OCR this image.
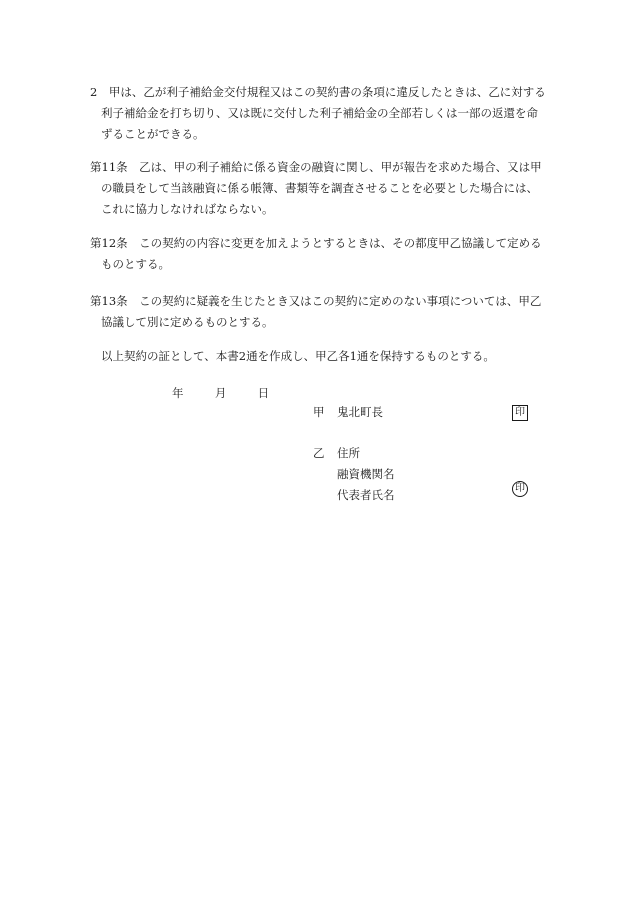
2　甲は、乙が利子補給金交付規程又はこの契約書の条項に違反したときは、乙に対する
利子補給金を打ち切り、又は既に交付した利子補給金の全部若しくは一部の返還を命
ずることができる。
第11条　乙は、甲の利子補給に係る資金の融資に関し、甲が報告を求めた場合、又は甲
の職員をして当該融資に係る帳簿、書類等を調査させることを必要とした場合には、
これに協力しなければならない。
第12条　この契約の内容に変更を加えようとするときは、その都度甲乙協議して定める
ものとする。
第13条　この契約に疑義を生じたとき又はこの契約に定めのない事項については、甲乙
協議して別に定めるものとする。
以上契約の証として、本書2通を作成し、甲乙各1通を保持するものとする。
年	月	日
甲 鬼北町長	印
乙 住所
融資機関名
代表者氏名	印
